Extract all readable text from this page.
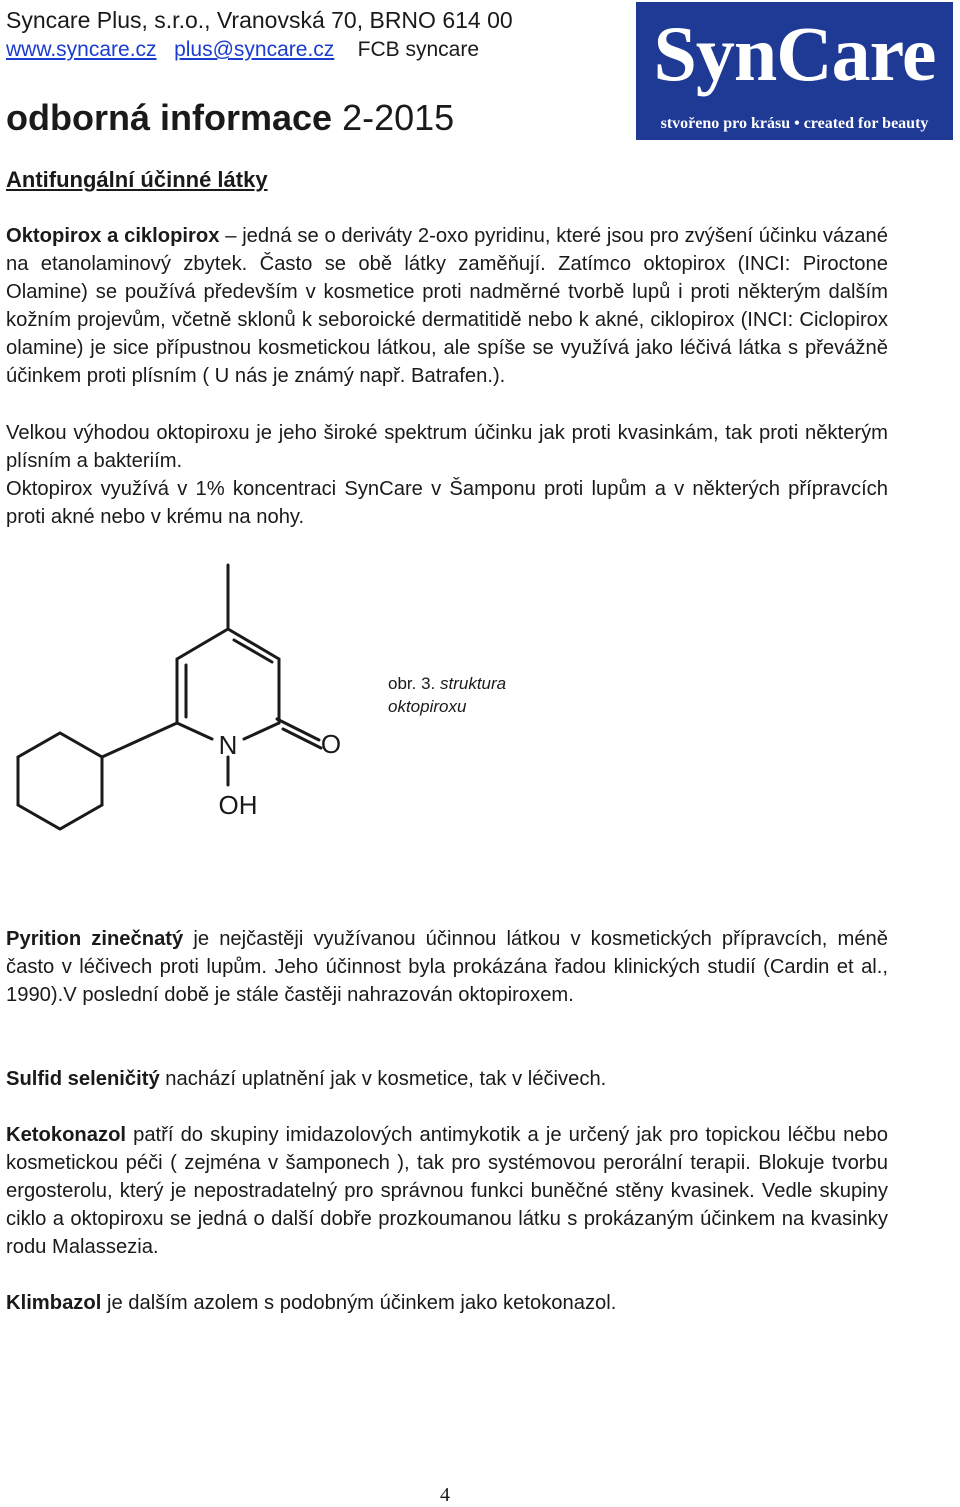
Syncare Plus, s.r.o., Vranovská 70, BRNO 614 00
www.syncare.cz plus@syncare.cz FCB syncare SynCare
stvořeno pro krásu • created for beauty
odborná informace 2-2015
Antifungální účinné látky

Oktopirox a ciklopirox – jedná se o deriváty 2-oxo pyridinu, které jsou pro zvýšení účinku vázané na etanolaminový zbytek. Často se obě látky zaměňují. Zatímco oktopirox (INCI: Piroctone Olamine) se používá především v kosmetice proti nadměrné tvorbě lupů i proti některým dalším kožním projevům, včetně sklonů k seboroické dermatitidě nebo k akné, ciklopirox (INCI: Ciclopirox olamine) je sice přípustnou kosmetickou látkou, ale spíše se využívá jako léčivá látka s převážně účinkem proti plísním ( U nás je známý např. Batrafen.).

Velkou výhodou oktopiroxu je jeho široké spektrum účinku jak proti kvasinkám, tak proti některým plísním a bakteriím.

Oktopirox využívá v 1% koncentraci SynCare v Šamponu proti lupům a v některých přípravcích proti akné nebo v krému na nohy.

N	O
OH
obr. 3. struktura
oktopiroxu

Pyrition zinečnatý je nejčastěji využívanou účinnou látkou v kosmetických přípravcích, méně často v léčivech proti lupům. Jeho účinnost byla prokázána řadou klinických studií (Cardin et al., 1990).V poslední době je stále častěji nahrazován oktopiroxem.

Sulfid seleničitý nachází uplatnění jak v kosmetice, tak v léčivech.

Ketokonazol patří do skupiny imidazolových antimykotik a je určený jak pro topickou léčbu nebo kosmetickou péči ( zejména v šamponech ), tak pro systémovou perorální terapii. Blokuje tvorbu ergosterolu, který je nepostradatelný pro správnou funkci buněčné stěny kvasinek. Vedle skupiny ciklo a oktopiroxu se jedná o další dobře prozkoumanou látku s prokázaným účinkem na kvasinky rodu Malassezia.

Klimbazol je dalším azolem s podobným účinkem jako ketokonazol.

4
